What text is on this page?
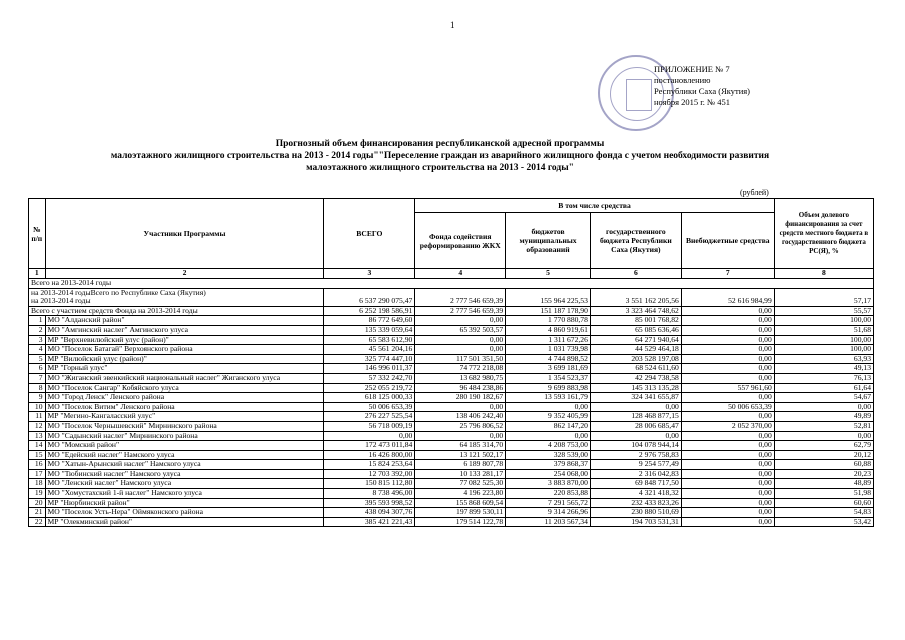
1
ПРИЛОЖЕНИЕ № 7
постановлению
Республики Саха (Якутия)
ноября 2015 г. № 451
Прогнозный объем финансирования республиканской адресной программы
малоэтажного жилищного строительства на 2013 - 2014 годы""Переселение граждан из аварийного жилищного фонда с учетом необходимости развития
малоэтажного жилищного строительства на 2013 - 2014 годы"
(рублей)
№ п/п	Участники Программы	ВСЕГО	В том числе средства				Объем долевого финансирования за счет средств местного бюджета в государственного бюджета РС(Я), %
			Фонда содействия реформированию ЖКХ	бюджетов муниципальных образований	государственного бюджета Республики Саха (Якутия)	Внебюджетные средства	
1	2	3	4	5	6	7	8
Всего на 2013-2014 годы							

на 2013-2014 годыВсего по Республике Саха (Якутия)
на 2013-2014 годы		6 537 290 075,47	2 777 546 659,39	155 964 225,53	3 551 162 205,56	52 616 984,99	57,17
Всего с участием средств Фонда на 2013-2014 годы		6 252 198 586,91	2 777 546 659,39	151 187 178,90	3 323 464 748,62	0,00	55,57
1	МО "Алданский район"	86 772 649,60	0,00	1 770 880,78	85 001 768,82	0,00	100,00
2	МО "Амгинский наслег" Амгинского улуса	135 339 059,64	65 392 503,57	4 860 919,61	65 085 636,46	0,00	51,68
3	МР "Верхневилюйский улус (район)"	65 583 612,90	0,00	1 311 672,26	64 271 940,64	0,00	100,00
4	МО "Поселок Батагай" Верхоянского района	45 561 204,16	0,00	1 031 739,98	44 529 464,18	0,00	100,00
5	МР "Вилюйский улус (район)"	325 774 447,10	117 501 351,50	4 744 898,52	203 528 197,08	0,00	63,93
6	МР "Горный улус"	146 996 011,37	74 772 218,08	3 699 181,69	68 524 611,60	0,00	49,13
7	МО "Жиганский эвенкийский национальный наслег" Жиганского улуса	57 332 242,70	13 682 980,75	1 354 523,37	42 294 738,58	0,00	76,13
8	МО "Поселок Сангар" Кобяйского улуса	252 055 219,72	96 484 238,86	9 699 883,98	145 313 135,28	557 961,60	61,64
9	МО "Город Ленск" Ленского района	618 125 000,33	280 190 182,67	13 593 161,79	324 341 655,87	0,00	54,67
10	МО "Поселок Витим" Ленского района	50 006 653,39	0,00	0,00	0,00	50 006 653,39	0,00
11	МР "Мегино-Кангаласский улус"	276 227 525,54	138 406 242,40	9 352 405,99	128 468 877,15	0,00	49,89
12	МО "Поселок Чернышевский" Мирнинского района	56 718 009,19	25 796 806,52	862 147,20	28 006 685,47	2 052 370,00	52,81
13	МО "Садынский наслег" Мирнинского района	0,00	0,00	0,00	0,00	0,00	0,00
14	МО "Момский район"	172 473 011,84	64 185 314,70	4 208 753,00	104 078 944,14	0,00	62,79
15	МО "Едейский наслег" Намского улуса	16 426 800,00	13 121 502,17	328 539,00	2 976 758,83	0,00	20,12
16	МО "Хатын-Арынский наслег" Намского улуса	15 824 253,64	6 189 807,78	379 868,37	9 254 577,49	0,00	60,88
17	МО "Тюбинский наслег" Намского улуса	12 703 392,00	10 133 281,17	254 068,00	2 316 042,83	0,00	20,23
18	МО "Ленский наслег" Намского улуса	150 815 112,80	77 082 525,30	3 883 870,00	69 848 717,50	0,00	48,89
19	МО "Хомустахский 1-й наслег" Намского улуса	8 738 496,00	4 196 223,80	220 853,88	4 321 418,32	0,00	51,98
20	МР "Нюрбинский район"	395 593 998,52	155 868 609,54	7 291 565,72	232 433 823,26	0,00	60,60
21	МО "Поселок Усть-Нера" Оймяконского района	438 094 307,76	197 899 530,11	9 314 266,96	230 880 510,69	0,00	54,83
22	МР "Олекминский район"	385 421 221,43	179 514 122,78	11 203 567,34	194 703 531,31	0,00	53,42
